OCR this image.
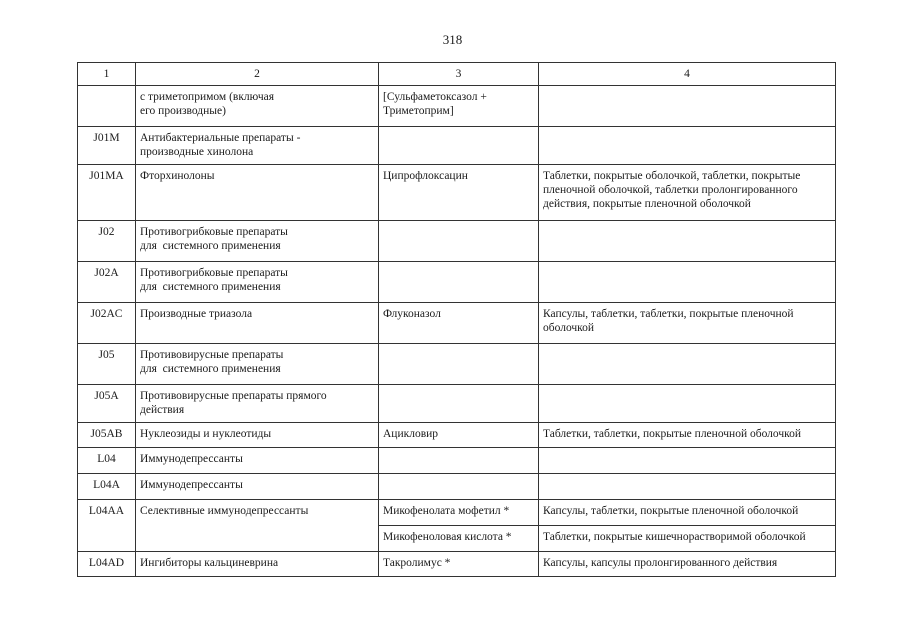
318
1	2	3	4

	с триметопримом (включая
его производные)	[Сульфаметоксазол +
Триметоприм]	

J01M	Антибактериальные препараты -
производные хинолона		

J01MA	Фторхинолоны	Ципрофлоксацин	Таблетки, покрытые оболочкой, таблетки, покрытые
пленочной оболочкой, таблетки пролонгированного
действия, покрытые пленочной оболочкой

J02	Противогрибковые препараты
для  системного применения		

J02A	Противогрибковые препараты
для  системного применения		

J02AC	Производные триазола	Флуконазол	Капсулы, таблетки, таблетки, покрытые пленочной
оболочкой

J05	Противовирусные препараты
для  системного применения		

J05A	Противовирусные препараты прямого
действия		

J05AB	Нуклеозиды и нуклеотиды	Ацикловир	Таблетки, таблетки, покрытые пленочной оболочкой

L04	Иммунодепрессанты		

L04A	Иммунодепрессанты		

L04AA	Селективные иммунодепрессанты	Микофенолата мофетил *	Капсулы, таблетки, покрытые пленочной оболочкой

		Микофеноловая кислота *	Таблетки, покрытые кишечнорастворимой оболочкой

L04AD	Ингибиторы кальциневрина	Такролимус *	Капсулы, капсулы пролонгированного действия
